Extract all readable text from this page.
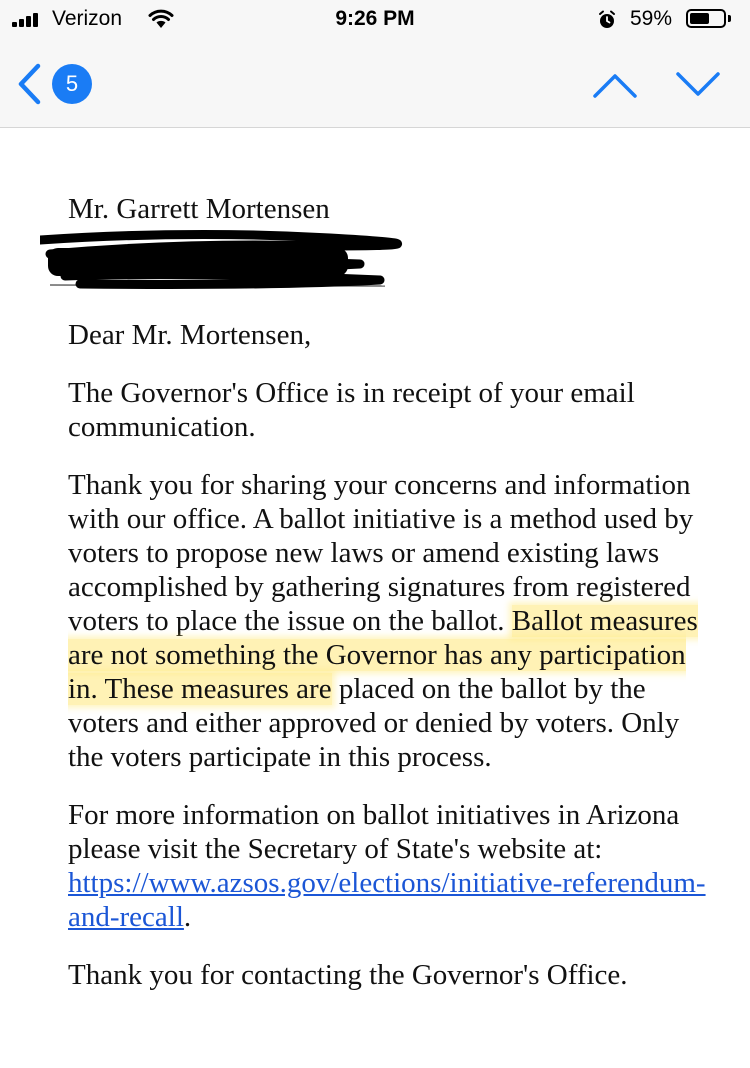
Verizon	9:26 PM	59%
5

Mr. Garrett Mortensen

Dear Mr. Mortensen,

The Governor's Office is in receipt of your email communication.

Thank you for sharing your concerns and information with our office. A ballot initiative is a method used by voters to propose new laws or amend existing laws accomplished by gathering signatures from registered voters to place the issue on the ballot. Ballot measures are not something the Governor has any participation in. These measures are placed on the ballot by the voters and either approved or denied by voters. Only the voters participate in this process.

For more information on ballot initiatives in Arizona please visit the Secretary of State's website at: https://www.azsos.gov/elections/initiative-referendum-and-recall.

Thank you for contacting the Governor's Office.
